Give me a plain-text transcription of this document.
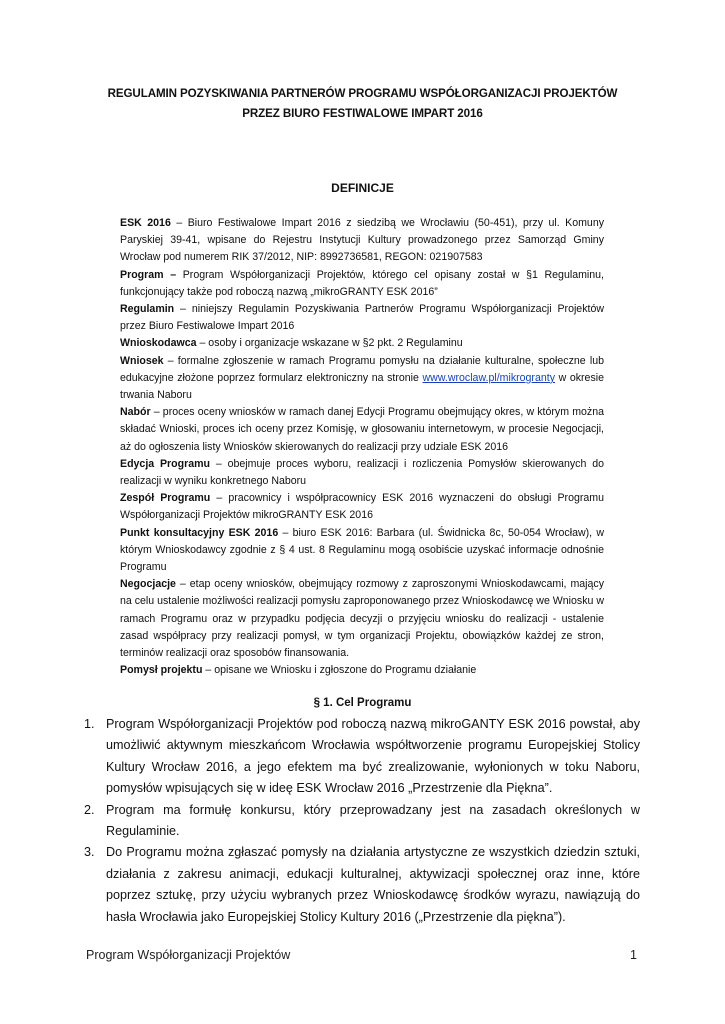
REGULAMIN POZYSKIWANIA PARTNERÓW PROGRAMU WSPÓŁORGANIZACJI PROJEKTÓW
PRZEZ BIURO FESTIWALOWE IMPART 2016
DEFINICJE

ESK 2016 – Biuro Festiwalowe Impart 2016 z siedzibą we Wrocławiu (50-451), przy ul. Komuny Paryskiej 39-41, wpisane do Rejestru Instytucji Kultury prowadzonego przez Samorząd Gminy Wrocław pod numerem RIK 37/2012, NIP: 8992736581, REGON: 021907583

Program – Program Współorganizacji Projektów, którego cel opisany został w §1 Regulaminu, funkcjonujący także pod roboczą nazwą „mikroGRANTY ESK 2016”

Regulamin – niniejszy Regulamin Pozyskiwania Partnerów Programu Współorganizacji Projektów przez Biuro Festiwalowe Impart 2016

Wnioskodawca – osoby i organizacje wskazane w §2 pkt. 2 Regulaminu

Wniosek – formalne zgłoszenie w ramach Programu pomysłu na działanie kulturalne, społeczne lub edukacyjne złożone poprzez formularz elektroniczny na stronie www.wroclaw.pl/mikrogranty w okresie trwania Naboru

Nabór – proces oceny wniosków w ramach danej Edycji Programu obejmujący okres, w którym można składać Wnioski, proces ich oceny przez Komisję, w głosowaniu internetowym, w procesie Negocjacji, aż do ogłoszenia listy Wniosków skierowanych do realizacji przy udziale ESK 2016

Edycja Programu – obejmuje proces wyboru, realizacji i rozliczenia Pomysłów skierowanych do realizacji w wyniku konkretnego Naboru

Zespół Programu – pracownicy i współpracownicy ESK 2016 wyznaczeni do obsługi Programu Współorganizacji Projektów mikroGRANTY ESK 2016

Punkt konsultacyjny ESK 2016 – biuro ESK 2016: Barbara (ul. Świdnicka 8c, 50-054 Wrocław), w którym Wnioskodawcy zgodnie z § 4 ust. 8 Regulaminu mogą osobiście uzyskać informacje odnośnie Programu

Negocjacje – etap oceny wniosków, obejmujący rozmowy z zaproszonymi Wnioskodawcami, mający na celu ustalenie możliwości realizacji pomysłu zaproponowanego przez Wnioskodawcę we Wniosku w ramach Programu oraz w przypadku podjęcia decyzji o przyjęciu wniosku do realizacji - ustalenie zasad współpracy przy realizacji pomysł, w tym organizacji Projektu, obowiązków każdej ze stron, terminów realizacji oraz sposobów finansowania.

Pomysł projektu – opisane we Wniosku i zgłoszone do Programu działanie

§ 1. Cel Programu
1. Program Współorganizacji Projektów pod roboczą nazwą mikroGANTY ESK 2016 powstał, aby umożliwić aktywnym mieszkańcom Wrocławia współtworzenie programu Europejskiej Stolicy Kultury Wrocław 2016, a jego efektem ma być zrealizowanie, wyłonionych w toku Naboru, pomysłów wpisujących się w ideę ESK Wrocław 2016 „Przestrzenie dla Piękna”.
2. Program ma formułę konkursu, który przeprowadzany jest na zasadach określonych w Regulaminie.
3. Do Programu można zgłaszać pomysły na działania artystyczne ze wszystkich dziedzin sztuki, działania z zakresu animacji, edukacji kulturalnej, aktywizacji społecznej oraz inne, które poprzez sztukę, przy użyciu wybranych przez Wnioskodawcę środków wyrazu, nawiązują do hasła Wrocławia jako Europejskiej Stolicy Kultury 2016 („Przestrzenie dla piękna”).
Program Współorganizacji Projektów	1
